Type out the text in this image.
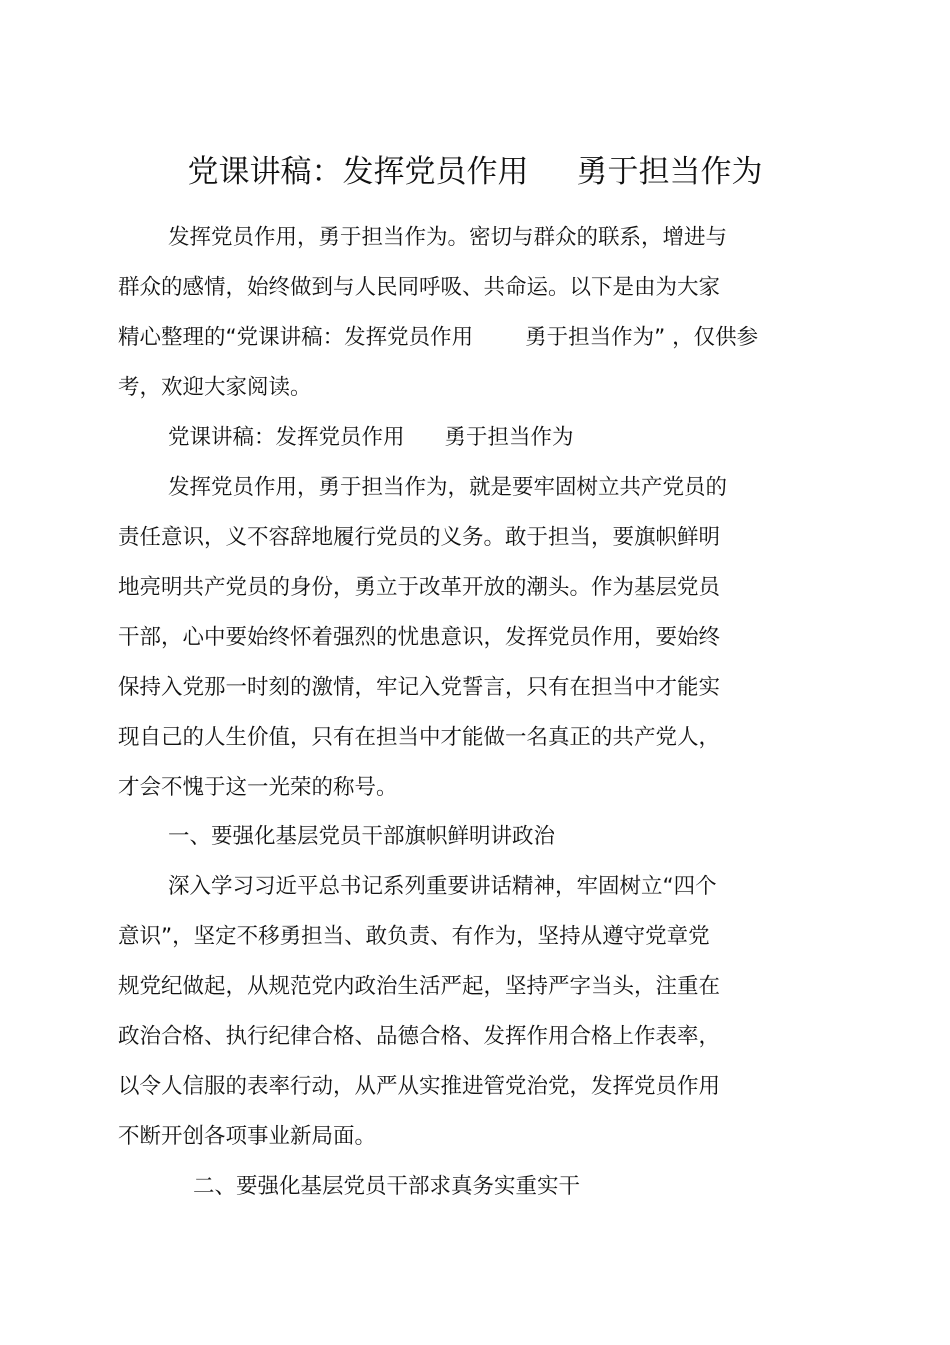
党课讲稿：发挥党员作用 勇于担当作为
发挥党员作用，勇于担当作为。密切与群众的联系，增进与
群众的感情，始终做到与人民同呼吸、共命运。以下是由为大家
精心整理的“党课讲稿：发挥党员作用 勇于担当作为” ，仅供参
考，欢迎大家阅读。
党课讲稿：发挥党员作用 勇于担当作为
发挥党员作用，勇于担当作为，就是要牢固树立共产党员的
责任意识，义不容辞地履行党员的义务。敢于担当，要旗帜鲜明
地亮明共产党员的身份，勇立于改革开放的潮头。作为基层党员
干部，心中要始终怀着强烈的忧患意识，发挥党员作用，要始终
保持入党那一时刻的激情，牢记入党誓言，只有在担当中才能实
现自己的人生价值，只有在担当中才能做一名真正的共产党人，
才会不愧于这一光荣的称号。
一、要强化基层党员干部旗帜鲜明讲政治
深入学习习近平总书记系列重要讲话精神，牢固树立“四个
意识”，坚定不移勇担当、敢负责、有作为，坚持从遵守党章党
规党纪做起，从规范党内政治生活严起，坚持严字当头，注重在
政治合格、执行纪律合格、品德合格、发挥作用合格上作表率，
以令人信服的表率行动，从严从实推进管党治党，发挥党员作用
不断开创各项事业新局面。
二、要强化基层党员干部求真务实重实干
